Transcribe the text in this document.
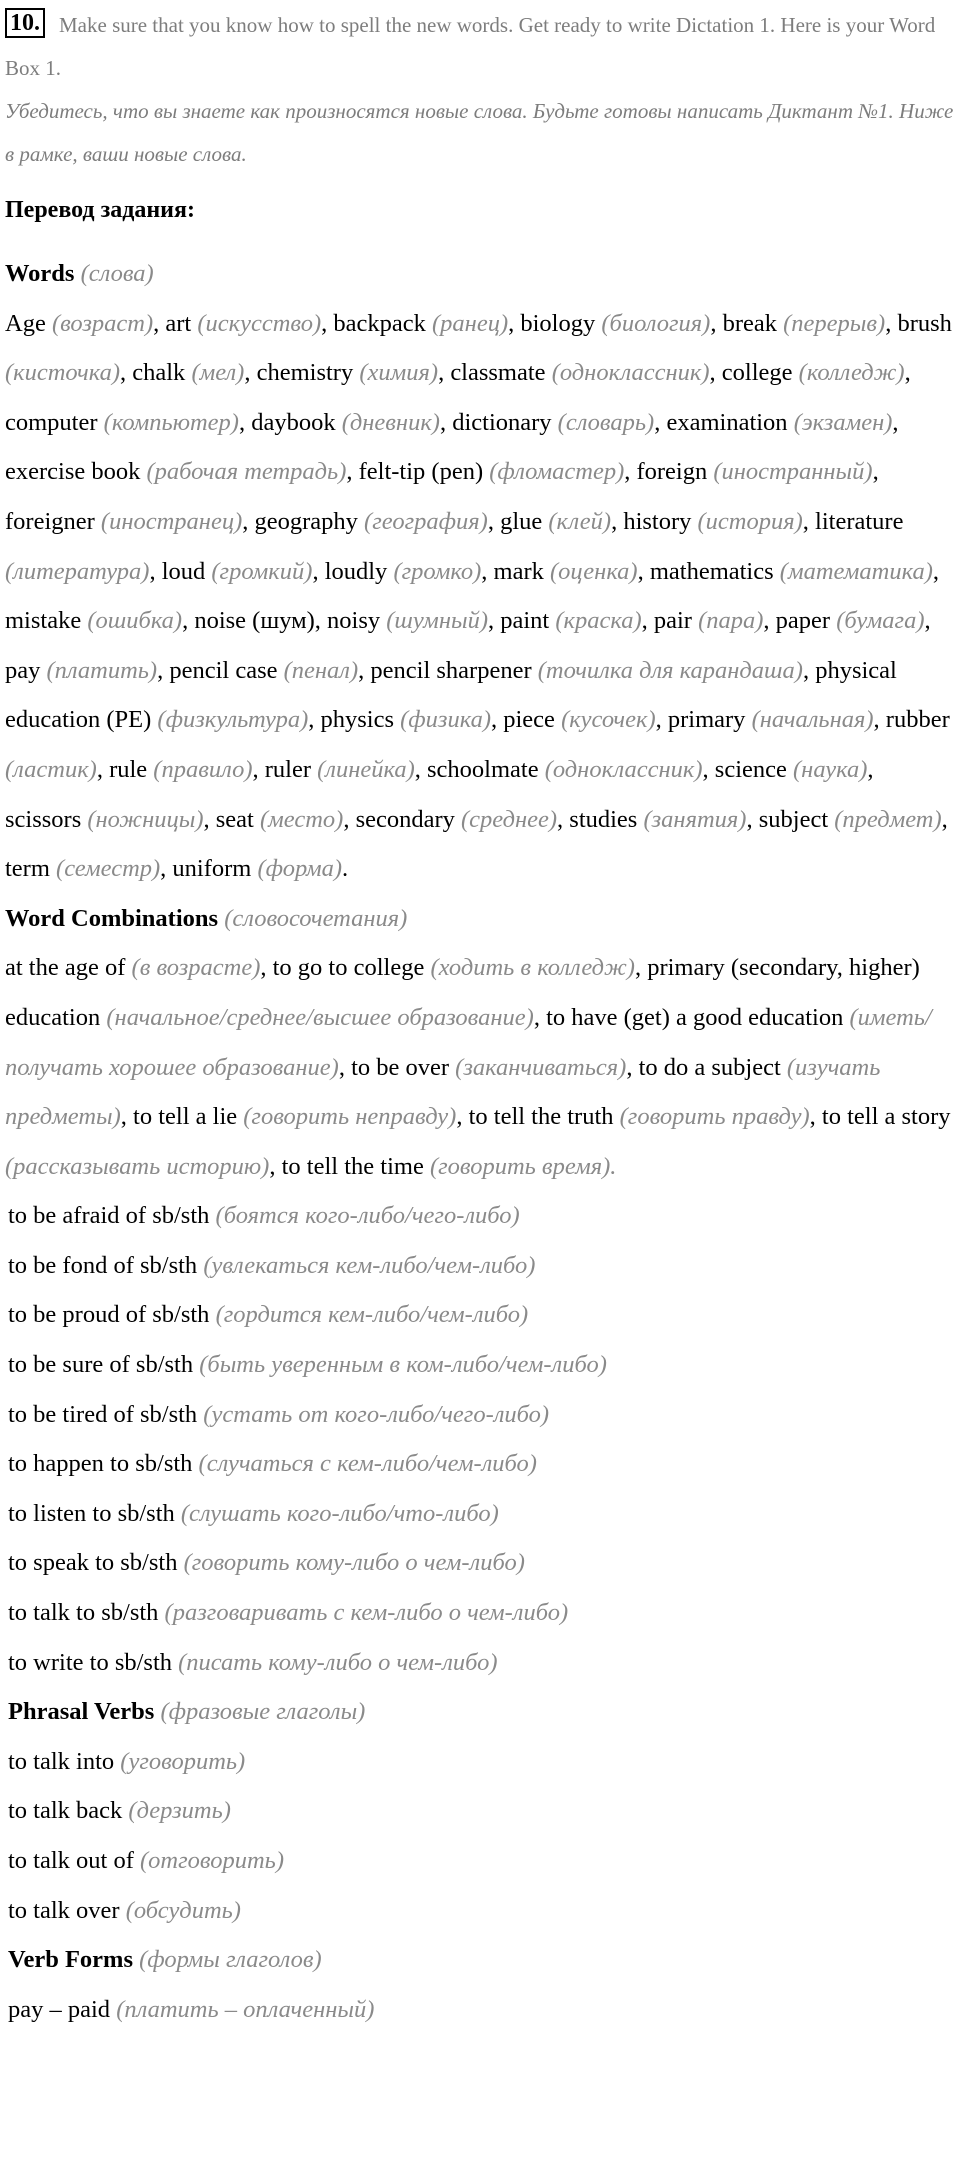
10. Make sure that you know how to spell the new words. Get ready to write Dictation 1. Here is your Word Box 1.
Убедитесь, что вы знаете как произносятся новые слова. Будьте готовы написать Диктант №1. Ниже в рамке, ваши новые слова.
Перевод задания:

Words (слова)

Age (возраст), art (искусство), backpack (ранец), biology (биология), break (перерыв), brush (кисточка), chalk (мел), chemistry (химия), classmate (одноклассник), college (колледж), computer (компьютер), daybook (дневник), dictionary (словарь), examination (экзамен), exercise book (рабочая тетрадь), felt-tip (pen) (фломастер), foreign (иностранный), foreigner (иностранец), geography (география), glue (клей), history (история), literature (литература), loud (громкий), loudly (громко), mark (оценка), mathematics (математика), mistake (ошибка), noise (шум), noisy (шумный), paint (краска), pair (пара), paper (бумага), pay (платить), pencil case (пенал), pencil sharpener (точилка для карандаша), physical education (PE) (физкультура), physics (физика), piece (кусочек), primary (начальная), rubber (ластик), rule (правило), ruler (линейка), schoolmate (одноклассник), science (наука), scissors (ножницы), seat (место), secondary (среднее), studies (занятия), subject (предмет), term (семестр), uniform (форма).

Word Combinations (словосочетания)

at the age of (в возрасте), to go to college (ходить в колледж), primary (secondary, higher) education (начальное/среднее/высшее образование), to have (get) a good education (иметь/получать хорошее образование), to be over (заканчиваться), to do a subject (изучать предметы), to tell a lie (говорить неправду), to tell the truth (говорить правду), to tell a story (рассказывать историю), to tell the time (говорить время).

to be afraid of sb/sth (боятся кого-либо/чего-либо)
to be fond of sb/sth (увлекаться кем-либо/чем-либо)
to be proud of sb/sth (гордится кем-либо/чем-либо)
to be sure of sb/sth (быть уверенным в ком-либо/чем-либо)
to be tired of sb/sth (устать от кого-либо/чего-либо)
to happen to sb/sth (случаться с кем-либо/чем-либо)
to listen to sb/sth (слушать кого-либо/что-либо)
to speak to sb/sth (говорить кому-либо о чем-либо)
to talk to sb/sth (разговаривать с кем-либо о чем-либо)
to write to sb/sth (писать кому-либо о чем-либо)

Phrasal Verbs (фразовые глаголы)

to talk into (уговорить)
to talk back (дерзить)
to talk out of (отговорить)
to talk over (обсудить)

Verb Forms (формы глаголов)

pay – paid (платить – оплаченный)
